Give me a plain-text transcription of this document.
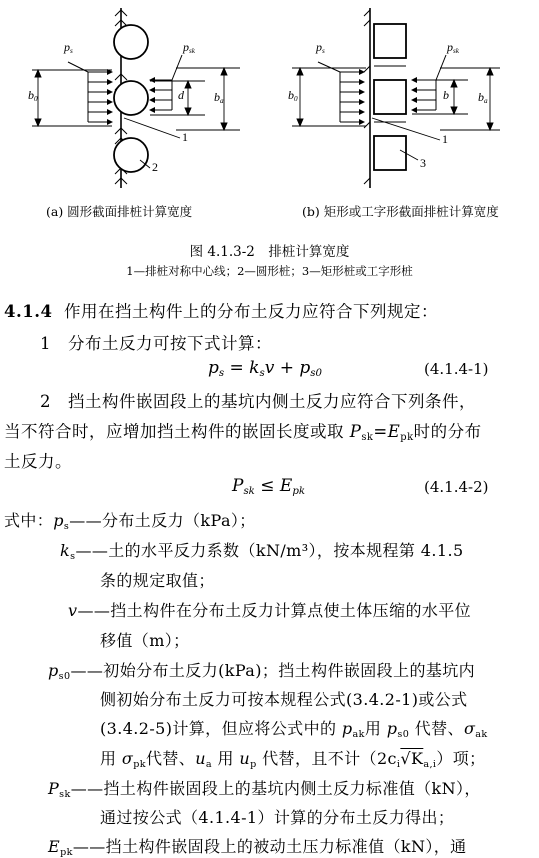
$p_s$	$p_{sk}$
$b_0$	d	$b_a$
1
2
$p_s$	$p_{sk}$
$b_0$	b $b_a$
1
3
(a) 圆形截面排桩计算宽度	(b) 矩形或工字形截面排桩计算宽度
图 4.1.3-2　排桩计算宽度
1—排桩对称中心线；2—圆形桩；3—矩形桩或工字形桩
4.1.4 作用在挡土构件上的分布土反力应符合下列规定：
1　分布土反力可按下式计算：
$p_s = k_sv + p_{s0}$	(4.1.4-1)
2　挡土构件嵌固段上的基坑内侧土反力应符合下列条件，
当不符合时，应增加挡土构件的嵌固长度或取 $P_{sk}=E_{pk}$时的分布
土反力。
$P_{sk} \le E_{pk}$	(4.1.4-2)
式中：$p_s——$分布土反力（kPa）；
$k_s——$土的水平反力系数（kN/m³），按本规程第 4.1.5
条的规定取值；
v——挡土构件在分布土反力计算点使土体压缩的水平位
移值（m）；
$p_{s0}——$初始分布土反力(kPa)；挡土构件嵌固段上的基坑内
侧初始分布土反力可按本规程公式(3.4.2-1)或公式
(3.4.2-5)计算，但应将公式中的 $p_{ak}$用 $p_{s0}$ 代替、$\sigma_{ak}$
用 $\sigma_{pk}$代替、$u_a$ 用 $u_p$ 代替，且不计$(2c_i√K_{a,i})$项；
$P_{sk}——$挡土构件嵌固段上的基坑内侧土反力标准值（kN），
通过按公式（4.1.4-1）计算的分布土反力得出；
$E_{pk}——$挡土构件嵌固段上的被动土压力标准值（kN），通
